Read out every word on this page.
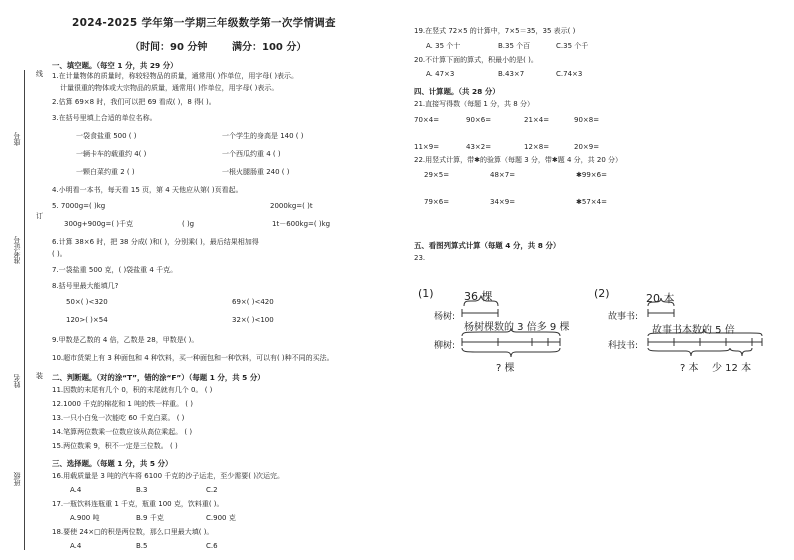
2024-2025 学年第一学期三年级数学第一次学情调查
（时间：90 分钟 满分：100 分）
座号
准考证号
姓名
班级
线
订
装
一、填空题。（每空 1 分，共 29 分）
1.在计量物体的质量时，称较轻物品的质量，通常用( )作单位，用字母( )表示。
计量很重的物体或大宗物品的质量，通常用( )作单位，用字母( )表示。
2.估算 69×8 时，我们可以把 69 看成( )，8 得( )。
3.在括号里填上合适的单位名称。
一袋食盐重 500 ( )	一个学生的身高是 140 ( )
一辆卡车的载重约 4( )	一个西瓜约重 4 ( )
一颗白菜约重 2 ( )	一根火腿肠重 240 ( )
4.小明看一本书，每天看 15 页，第 4 天他应从第( )页看起。
5. 7000g=( )kg	2000kg=( )t
300g+900g=( )千克	( )g	1t－600kg=( )kg
6.计算 38×6 时，把 38 分成( )和( )，分别乘( )，最后结果相加得
( )。
7.一袋盐重 500 克，( )袋盐重 4 千克。
8.括号里最大能填几?
50×( )<320	69×( )<420
120>( )×54	32×( )<100
9.甲数是乙数的 4 倍，乙数是 28，甲数是( )。
10.超市货架上有 3 种面包和 4 种饮料，买一种面包和一种饮料，可以有( )种不同的买法。
二、判断题。（对的涂“T”，错的涂“F”）（每题 1 分，共 5 分）
11.因数的末尾有几个 0，积的末尾就有几个 0。 ( )
12.1000 千克的棉花和 1 吨的铁一样重。 ( )
13.一只小白兔一次能吃 60 千克白菜。 ( )
14.笔算两位数乘一位数应该从高位乘起。 ( )
15.两位数乘 9，积不一定是三位数。 ( )
三、选择题。（每题 1 分，共 5 分）
16.用载质量是 3 吨的汽车将 6100 千克的沙子运走，至少需要( )次运完。
A.4	B.3	C.2
17.一瓶饮料连瓶重 1 千克，瓶重 100 克，饮料重( )。
A.900 吨	B.9 千克	C.900 克
18.要使 24×□的积是两位数，那么口里最大填( )。
A.4	B.5	C.6
19.在竖式 72×5 的计算中，7×5＝35，35 表示( )
A. 35 个十	B.35 个百	C.35 个千
20.不计算下面的算式，积最小的是( )。
A. 47×3	B.43×7	C.74×3
四、计算题。（共 28 分）
21.直接写得数（每题 1 分，共 8 分）
70×4=	90×6=	21×4=	90×8=
11×9=	43×2=	12×8=	20×9=
22.用竖式计算，带✱的验算（每题 3 分，带✱题 4 分，共 20 分）
29×5=	48×7=	✱99×6=
79×6=	34×9=	✱57×4=
五、看图列算式计算（每题 4 分，共 8 分）
23.
(1)	36 棵
杨树:
杨树棵数的 3 倍多 9 棵
柳树:
? 棵
(2)	20 本
故事书:
故事书本数的 5 倍
科技书:
? 本 少 12 本
